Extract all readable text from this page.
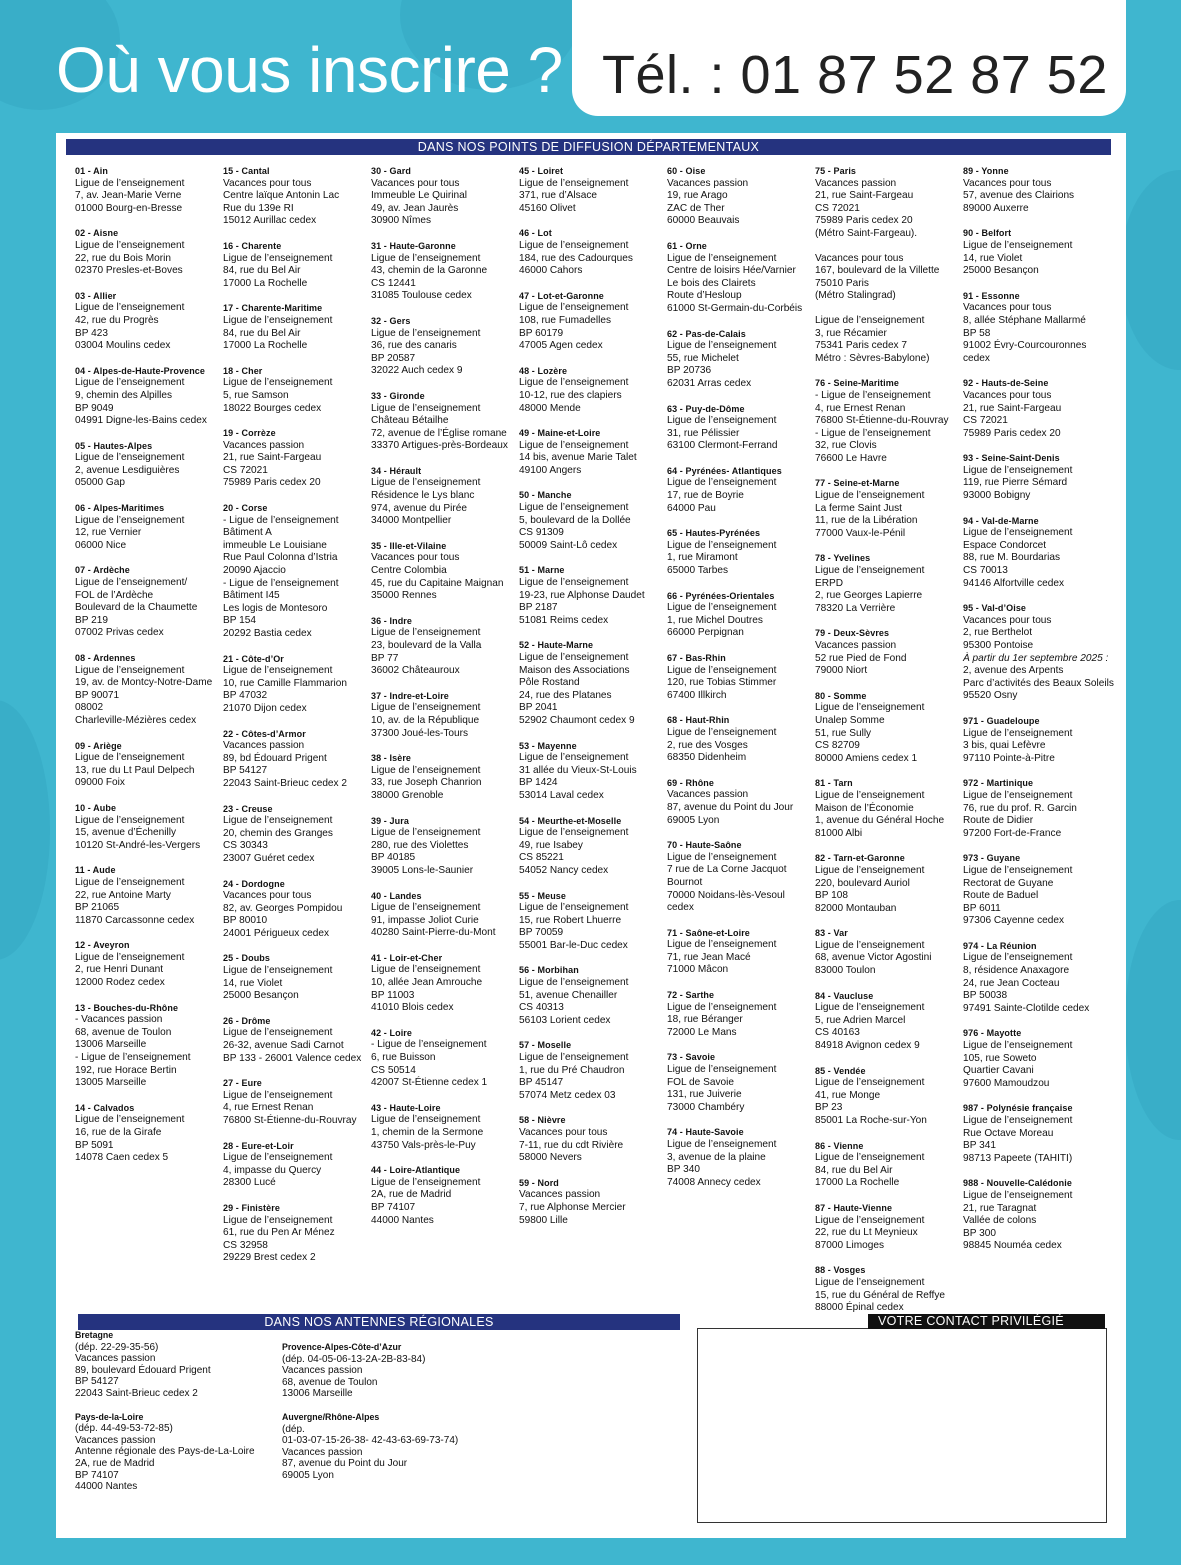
Où vous inscrire ? Tél. : 01 87 52 87 52
DANS NOS POINTS DE DIFFUSION DÉPARTEMENTAUX
01 - Ain
Ligue de l’enseignement
7, av. Jean-Marie Verne
01000 Bourg-en-Bresse
02 - Aisne
Ligue de l’enseignement
22, rue du Bois Morin
02370 Presles-et-Boves
03 - Allier
Ligue de l’enseignement
42, rue du Progrès
BP 423
03004 Moulins cedex
04 - Alpes-de-Haute-Provence
Ligue de l’enseignement
9, chemin des Alpilles
BP 9049
04991 Digne-les-Bains cedex
05 - Hautes-Alpes
Ligue de l’enseignement
2, avenue Lesdiguières
05000 Gap
06 - Alpes-Maritimes
Ligue de l’enseignement
12, rue Vernier
06000 Nice
07 - Ardèche
Ligue de l’enseignement/
FOL de l’Ardèche
Boulevard de la Chaumette
BP 219
07002 Privas cedex
08 - Ardennes
Ligue de l’enseignement
19, av. de Montcy-Notre-Dame
BP 90071
08002
Charleville-Mézières cedex
09 - Ariège
Ligue de l’enseignement
13, rue du Lt Paul Delpech
09000 Foix
10 - Aube
Ligue de l’enseignement
15, avenue d’Échenilly
10120 St-André-les-Vergers
11 - Aude
Ligue de l’enseignement
22, rue Antoine Marty
BP 21065
11870 Carcassonne cedex
12 - Aveyron
Ligue de l’enseignement
2, rue Henri Dunant
12000 Rodez cedex
13 - Bouches-du-Rhône
- Vacances passion
68, avenue de Toulon
13006 Marseille
- Ligue de l’enseignement
192, rue Horace Bertin
13005 Marseille
14 - Calvados
Ligue de l’enseignement
16, rue de la Girafe
BP 5091
14078 Caen cedex 5
15 - Cantal
Vacances pour tous
Centre laïque Antonin Lac
Rue du 139e RI
15012 Aurillac cedex
16 - Charente
Ligue de l’enseignement
84, rue du Bel Air
17000 La Rochelle
17 - Charente-Maritime
Ligue de l’enseignement
84, rue du Bel Air
17000 La Rochelle
18 - Cher
Ligue de l’enseignement
5, rue Samson
18022 Bourges cedex
19 - Corrèze
Vacances passion
21, rue Saint-Fargeau
CS 72021
75989 Paris cedex 20
20 - Corse
- Ligue de l’enseignement
Bâtiment A
immeuble Le Louisiane
Rue Paul Colonna d’Istria
20090 Ajaccio
- Ligue de l’enseignement
Bâtiment I45
Les logis de Montesoro
BP 154
20292 Bastia cedex
21 - Côte-d’Or
Ligue de l’enseignement
10, rue Camille Flammarion
BP 47032
21070 Dijon cedex
22 - Côtes-d’Armor
Vacances passion
89, bd Édouard Prigent
BP 54127
22043 Saint-Brieuc cedex 2
23 - Creuse
Ligue de l’enseignement
20, chemin des Granges
CS 30343
23007 Guéret cedex
24 - Dordogne
Vacances pour tous
82, av. Georges Pompidou
BP 80010
24001 Périgueux cedex
25 - Doubs
Ligue de l’enseignement
14, rue Violet
25000 Besançon
26 - Drôme
Ligue de l’enseignement
26-32, avenue Sadi Carnot
BP 133 - 26001 Valence cedex
27 - Eure
Ligue de l’enseignement
4, rue Ernest Renan
76800 St-Étienne-du-Rouvray
28 - Eure-et-Loir
Ligue de l’enseignement
4, impasse du Quercy
28300 Lucé
29 - Finistère
Ligue de l’enseignement
61, rue du Pen Ar Ménez
CS 32958
29229 Brest cedex 2
30 - Gard
Vacances pour tous
Immeuble Le Quirinal
49, av. Jean Jaurès
30900 Nîmes
31 - Haute-Garonne
Ligue de l’enseignement
43, chemin de la Garonne
CS 12441
31085 Toulouse cedex
32 - Gers
Ligue de l’enseignement
36, rue des canaris
BP 20587
32022 Auch cedex 9
33 - Gironde
Ligue de l’enseignement
Château Bétailhe
72, avenue de l’Église romane
33370 Artigues-près-Bordeaux
34 - Hérault
Ligue de l’enseignement
Résidence le Lys blanc
974, avenue du Pirée
34000 Montpellier
35 - Ille-et-Vilaine
Vacances pour tous
Centre Colombia
45, rue du Capitaine Maignan
35000 Rennes
36 - Indre
Ligue de l’enseignement
23, boulevard de la Valla
BP 77
36002 Châteauroux
37 - Indre-et-Loire
Ligue de l’enseignement
10, av. de la République
37300 Joué-les-Tours
38 - Isère
Ligue de l’enseignement
33, rue Joseph Chanrion
38000 Grenoble
39 - Jura
Ligue de l’enseignement
280, rue des Violettes
BP 40185
39005 Lons-le-Saunier
40 - Landes
Ligue de l’enseignement
91, impasse Joliot Curie
40280 Saint-Pierre-du-Mont
41 - Loir-et-Cher
Ligue de l’enseignement
10, allée Jean Amrouche
BP 11003
41010 Blois cedex
42 - Loire
- Ligue de l’enseignement
6, rue Buisson
CS 50514
42007 St-Étienne cedex 1
43 - Haute-Loire
Ligue de l’enseignement
1, chemin de la Sermone
43750 Vals-près-le-Puy
44 - Loire-Atlantique
Ligue de l’enseignement
2A, rue de Madrid
BP 74107
44000 Nantes
45 - Loiret
Ligue de l’enseignement
371, rue d’Alsace
45160 Olivet
46 - Lot
Ligue de l’enseignement
184, rue des Cadourques
46000 Cahors
47 - Lot-et-Garonne
Ligue de l’enseignement
108, rue Fumadelles
BP 60179
47005 Agen cedex
48 - Lozère
Ligue de l’enseignement
10-12, rue des clapiers
48000 Mende
49 - Maine-et-Loire
Ligue de l’enseignement
14 bis, avenue Marie Talet
49100 Angers
50 - Manche
Ligue de l’enseignement
5, boulevard de la Dollée
CS 91309
50009 Saint-Lô cedex
51 - Marne
Ligue de l’enseignement
19-23, rue Alphonse Daudet
BP 2187
51081 Reims cedex
52 - Haute-Marne
Ligue de l’enseignement
Maison des Associations
Pôle Rostand
24, rue des Platanes
BP 2041
52902 Chaumont cedex 9
53 - Mayenne
Ligue de l’enseignement
31 allée du Vieux-St-Louis
BP 1424
53014 Laval cedex
54 - Meurthe-et-Moselle
Ligue de l’enseignement
49, rue Isabey
CS 85221
54052 Nancy cedex
55 - Meuse
Ligue de l’enseignement
15, rue Robert Lhuerre
BP 70059
55001 Bar-le-Duc cedex
56 - Morbihan
Ligue de l’enseignement
51, avenue Chenailler
CS 40313
56103 Lorient cedex
57 - Moselle
Ligue de l’enseignement
1, rue du Pré Chaudron
BP 45147
57074 Metz cedex 03
58 - Nièvre
Vacances pour tous
7-11, rue du cdt Rivière
58000 Nevers
59 - Nord
Vacances passion
7, rue Alphonse Mercier
59800 Lille
60 - Oise
Vacances passion
19, rue Arago
ZAC de Ther
60000 Beauvais
61 - Orne
Ligue de l’enseignement
Centre de loisirs Hée/Varnier
Le bois des Clairets
Route d’Hesloup
61000 St-Germain-du-Corbéis
62 - Pas-de-Calais
Ligue de l’enseignement
55, rue Michelet
BP 20736
62031 Arras cedex
63 - Puy-de-Dôme
Ligue de l’enseignement
31, rue Pélissier
63100 Clermont-Ferrand
64 - Pyrénées- Atlantiques
Ligue de l’enseignement
17, rue de Boyrie
64000 Pau
65 - Hautes-Pyrénées
Ligue de l’enseignement
1, rue Miramont
65000 Tarbes
66 - Pyrénées-Orientales
Ligue de l’enseignement
1, rue Michel Doutres
66000 Perpignan
67 - Bas-Rhin
Ligue de l’enseignement
120, rue Tobias Stimmer
67400 Illkirch
68 - Haut-Rhin
Ligue de l’enseignement
2, rue des Vosges
68350 Didenheim
69 - Rhône
Vacances passion
87, avenue du Point du Jour
69005 Lyon
70 - Haute-Saône
Ligue de l’enseignement
7 rue de La Corne Jacquot
Bournot
70000 Noidans-lès-Vesoul
cedex
71 - Saône-et-Loire
Ligue de l’enseignement
71, rue Jean Macé
71000 Mâcon
72 - Sarthe
Ligue de l’enseignement
18, rue Béranger
72000 Le Mans
73 - Savoie
Ligue de l’enseignement
FOL de Savoie
131, rue Juiverie
73000 Chambéry
74 - Haute-Savoie
Ligue de l’enseignement
3, avenue de la plaine
BP 340
74008 Annecy cedex
75 - Paris
Vacances passion
21, rue Saint-Fargeau
CS 72021
75989 Paris cedex 20
(Métro Saint-Fargeau).
Vacances pour tous
167, boulevard de la Villette
75010 Paris
(Métro Stalingrad)
Ligue de l’enseignement
3, rue Récamier
75341 Paris cedex 7
Métro : Sèvres-Babylone)
76 - Seine-Maritime
- Ligue de l’enseignement
4, rue Ernest Renan
76800 St-Étienne-du-Rouvray
- Ligue de l’enseignement
32, rue Clovis
76600 Le Havre
77 - Seine-et-Marne
Ligue de l’enseignement
La ferme Saint Just
11, rue de la Libération
77000 Vaux-le-Pénil
78 - Yvelines
Ligue de l’enseignement
ERPD
2, rue Georges Lapierre
78320 La Verrière
79 - Deux-Sèvres
Vacances passion
52 rue Pied de Fond
79000 Niort
80 - Somme
Ligue de l’enseignement
Unalep Somme
51, rue Sully
CS 82709
80000 Amiens cedex 1
81 - Tarn
Ligue de l’enseignement
Maison de l’Économie
1, avenue du Général Hoche
81000 Albi
82 - Tarn-et-Garonne
Ligue de l’enseignement
220, boulevard Auriol
BP 108
82000 Montauban
83 - Var
Ligue de l’enseignement
68, avenue Victor Agostini
83000 Toulon
84 - Vaucluse
Ligue de l’enseignement
5, rue Adrien Marcel
CS 40163
84918 Avignon cedex 9
85 - Vendée
Ligue de l’enseignement
41, rue Monge
BP 23
85001 La Roche-sur-Yon
86 - Vienne
Ligue de l’enseignement
84, rue du Bel Air
17000 La Rochelle
87 - Haute-Vienne
Ligue de l’enseignement
22, rue du Lt Meynieux
87000 Limoges
88 - Vosges
Ligue de l’enseignement
15, rue du Général de Reffye
88000 Épinal cedex
89 - Yonne
Vacances pour tous
57, avenue des Clairions
89000 Auxerre
90 - Belfort
Ligue de l’enseignement
14, rue Violet
25000 Besançon
91 - Essonne
Vacances pour tous
8, allée Stéphane Mallarmé
BP 58
91002 Évry-Courcouronnes
cedex
92 - Hauts-de-Seine
Vacances pour tous
21, rue Saint-Fargeau
CS 72021
75989 Paris cedex 20
93 - Seine-Saint-Denis
Ligue de l’enseignement
119, rue Pierre Sémard
93000 Bobigny
94 - Val-de-Marne
Ligue de l’enseignement
Espace Condorcet
88, rue M. Bourdarias
CS 70013
94146 Alfortville cedex
95 - Val-d’Oise
Vacances pour tous
2, rue Berthelot
95300 Pontoise
À partir du 1er septembre 2025 :
2, avenue des Arpents
Parc d’activités des Beaux Soleils
95520 Osny
971 - Guadeloupe
Ligue de l’enseignement
3 bis, quai Lefèvre
97110 Pointe-à-Pitre
972 - Martinique
Ligue de l’enseignement
76, rue du prof. R. Garcin
Route de Didier
97200 Fort-de-France
973 - Guyane
Ligue de l’enseignement
Rectorat de Guyane
Route de Baduel
BP 6011
97306 Cayenne cedex
974 - La Réunion
Ligue de l’enseignement
8, résidence Anaxagore
24, rue Jean Cocteau
BP 50038
97491 Sainte-Clotilde cedex
976 - Mayotte
Ligue de l’enseignement
105, rue Soweto
Quartier Cavani
97600 Mamoudzou
987 - Polynésie française
Ligue de l’enseignement
Rue Octave Moreau
BP 341
98713 Papeete (TAHITI)
988 - Nouvelle-Calédonie
Ligue de l’enseignement
21, rue Taragnat
Vallée de colons
BP 300
98845 Nouméa cedex
DANS NOS ANTENNES RÉGIONALES
Bretagne
(dép. 22-29-35-56)
Vacances passion
89, boulevard Édouard Prigent
BP 54127
22043 Saint-Brieuc cedex 2
Pays-de-la-Loire
(dép. 44-49-53-72-85)
Vacances passion
Antenne régionale des Pays-de-La-Loire
2A, rue de Madrid
BP 74107
44000 Nantes
Provence-Alpes-Côte-d’Azur
(dép. 04-05-06-13-2A-2B-83-84)
Vacances passion
68, avenue de Toulon
13006 Marseille
Auvergne/Rhône-Alpes
(dép.
01-03-07-15-26-38- 42-43-63-69-73-74)
Vacances passion
87, avenue du Point du Jour
69005 Lyon
VOTRE CONTACT PRIVILÉGIÉ
